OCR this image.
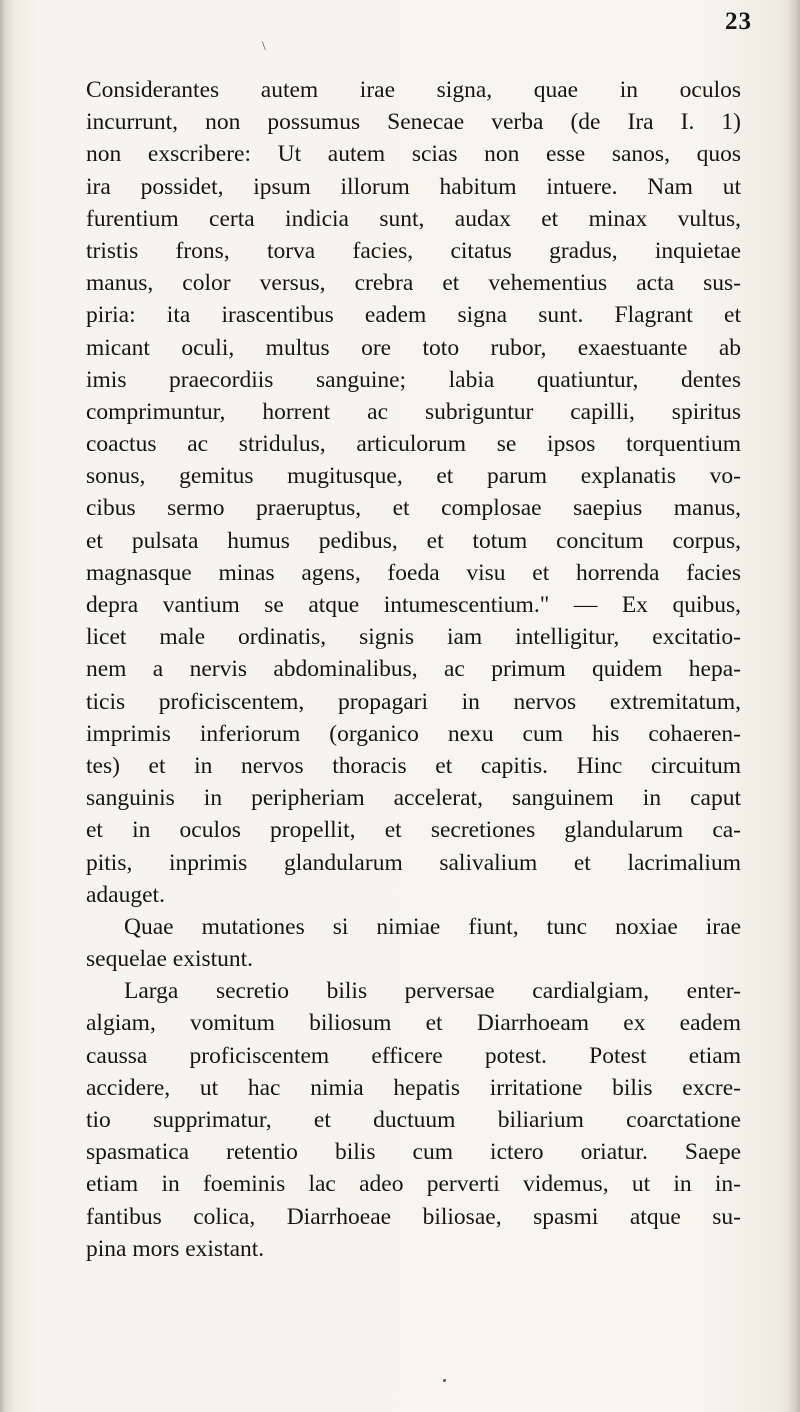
23
\
Considerantes autem irae signa, quae in oculos
incurrunt, non possumus Senecae verba (de Ira I. 1)
non exscribere: Ut autem scias non esse sanos, quos
ira possidet, ipsum illorum habitum intuere. Nam ut
furentium certa indicia sunt, audax et minax vultus,
tristis frons, torva facies, citatus gradus, inquietae
manus, color versus, crebra et vehementius acta sus-
piria: ita irascentibus eadem signa sunt. Flagrant et
micant oculi, multus ore toto rubor, exaestuante ab
imis praecordiis sanguine; labia quatiuntur, dentes
comprimuntur, horrent ac subriguntur capilli, spiritus
coactus ac stridulus, articulorum se ipsos torquentium
sonus, gemitus mugitusque, et parum explanatis vo-
cibus sermo praeruptus, et complosae saepius manus,
et pulsata humus pedibus, et totum concitum corpus,
magnasque minas agens, foeda visu et horrenda facies
depra vantium se atque intumescentium." — Ex quibus,
licet male ordinatis, signis iam intelligitur, excitatio-
nem a nervis abdominalibus, ac primum quidem hepa-
ticis proficiscentem, propagari in nervos extremitatum,
imprimis inferiorum (organico nexu cum his cohaeren-
tes) et in nervos thoracis et capitis. Hinc circuitum
sanguinis in peripheriam accelerat, sanguinem in caput
et in oculos propellit, et secretiones glandularum ca-
pitis, inprimis glandularum salivalium et lacrimalium
adauget.
Quae mutationes si nimiae fiunt, tunc noxiae irae
sequelae existunt.
Larga secretio bilis perversae cardialgiam, enter-
algiam, vomitum biliosum et Diarrhoeam ex eadem
caussa proficiscentem efficere potest. Potest etiam
accidere, ut hac nimia hepatis irritatione bilis excre-
tio supprimatur, et ductuum biliarium coarctatione
spasmatica retentio bilis cum ictero oriatur. Saepe
etiam in foeminis lac adeo perverti videmus, ut in in-
fantibus colica, Diarrhoeae biliosae, spasmi atque su-
pina mors existant.
